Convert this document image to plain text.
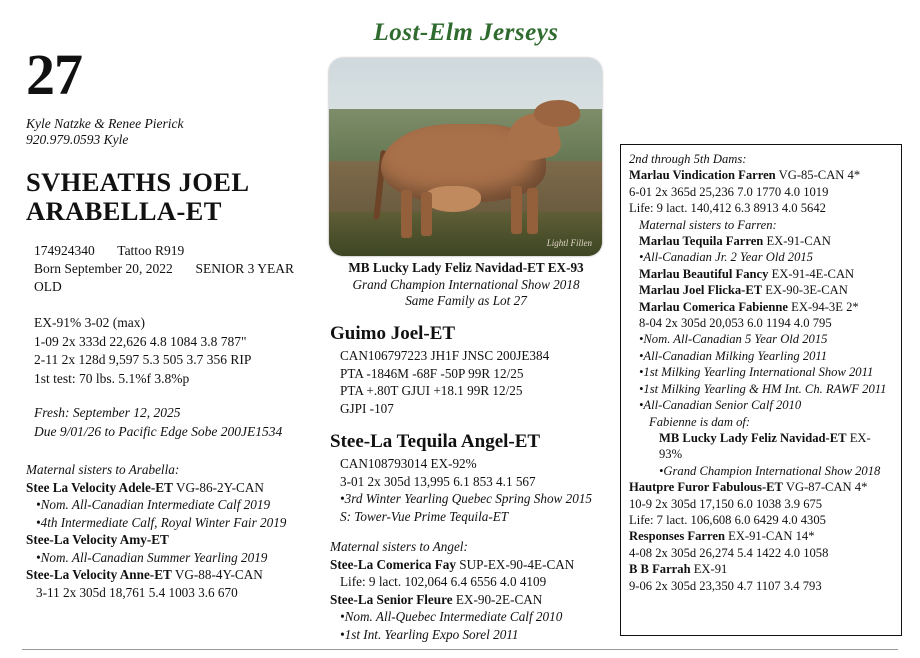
Lost-Elm Jerseys
27
Kyle Natzke & Renee Pierick
920.979.0593 Kyle
SVHEATHS JOEL ARABELLA-ET
174924340 Tattoo R919
Born September 20, 2022 SENIOR 3 YEAR OLD
EX-91% 3-02 (max)
1-09 2x 333d 22,626 4.8 1084 3.8 787"
2-11 2x 128d 9,597 5.3 505 3.7 356 RIP
1st test: 70 lbs. 5.1%f 3.8%p
Fresh: September 12, 2025
Due 9/01/26 to Pacific Edge Sobe 200JE1534
Maternal sisters to Arabella:
Stee La Velocity Adele-ET VG-86-2Y-CAN
•Nom. All-Canadian Intermediate Calf 2019
•4th Intermediate Calf, Royal Winter Fair 2019
Stee-La Velocity Amy-ET
•Nom. All-Canadian Summer Yearling 2019
Stee-La Velocity Anne-ET VG-88-4Y-CAN
3-11 2x 305d 18,761 5.4 1003 3.6 670
Lightl Fillen
MB Lucky Lady Feliz Navidad-ET EX-93
Grand Champion International Show 2018
Same Family as Lot 27
Guimo Joel-ET
CAN106797223 JH1F JNSC 200JE384
PTA -1846M -68F -50P 99R 12/25
PTA +.80T GJUI +18.1 99R 12/25
GJPI -107
Stee-La Tequila Angel-ET
CAN108793014 EX-92%
3-01 2x 305d 13,995 6.1 853 4.1 567
•3rd Winter Yearling Quebec Spring Show 2015
S: Tower-Vue Prime Tequila-ET
Maternal sisters to Angel:
Stee-La Comerica Fay SUP-EX-90-4E-CAN
Life: 9 lact. 102,064 6.4 6556 4.0 4109
Stee-La Senior Fleure EX-90-2E-CAN
•Nom. All-Quebec Intermediate Calf 2010
•1st Int. Yearling Expo Sorel 2011
2nd through 5th Dams:
Marlau Vindication Farren VG-85-CAN 4*
6-01 2x 365d 25,236 7.0 1770 4.0 1019
Life: 9 lact. 140,412 6.3 8913 4.0 5642
Maternal sisters to Farren:
Marlau Tequila Farren EX-91-CAN
•All-Canadian Jr. 2 Year Old 2015
Marlau Beautiful Fancy EX-91-4E-CAN
Marlau Joel Flicka-ET EX-90-3E-CAN
Marlau Comerica Fabienne EX-94-3E 2*
8-04 2x 305d 20,053 6.0 1194 4.0 795
•Nom. All-Canadian 5 Year Old 2015
•All-Canadian Milking Yearling 2011
•1st Milking Yearling International Show 2011
•1st Milking Yearling & HM Int. Ch. RAWF 2011
•All-Canadian Senior Calf 2010
Fabienne is dam of:
MB Lucky Lady Feliz Navidad-ET EX-93%
•Grand Champion International Show 2018
Hautpre Furor Fabulous-ET VG-87-CAN 4*
10-9 2x 305d 17,150 6.0 1038 3.9 675
Life: 7 lact. 106,608 6.0 6429 4.0 4305
Responses Farren EX-91-CAN 14*
4-08 2x 305d 26,274 5.4 1422 4.0 1058
B B Farrah EX-91
9-06 2x 305d 23,350 4.7 1107 3.4 793
